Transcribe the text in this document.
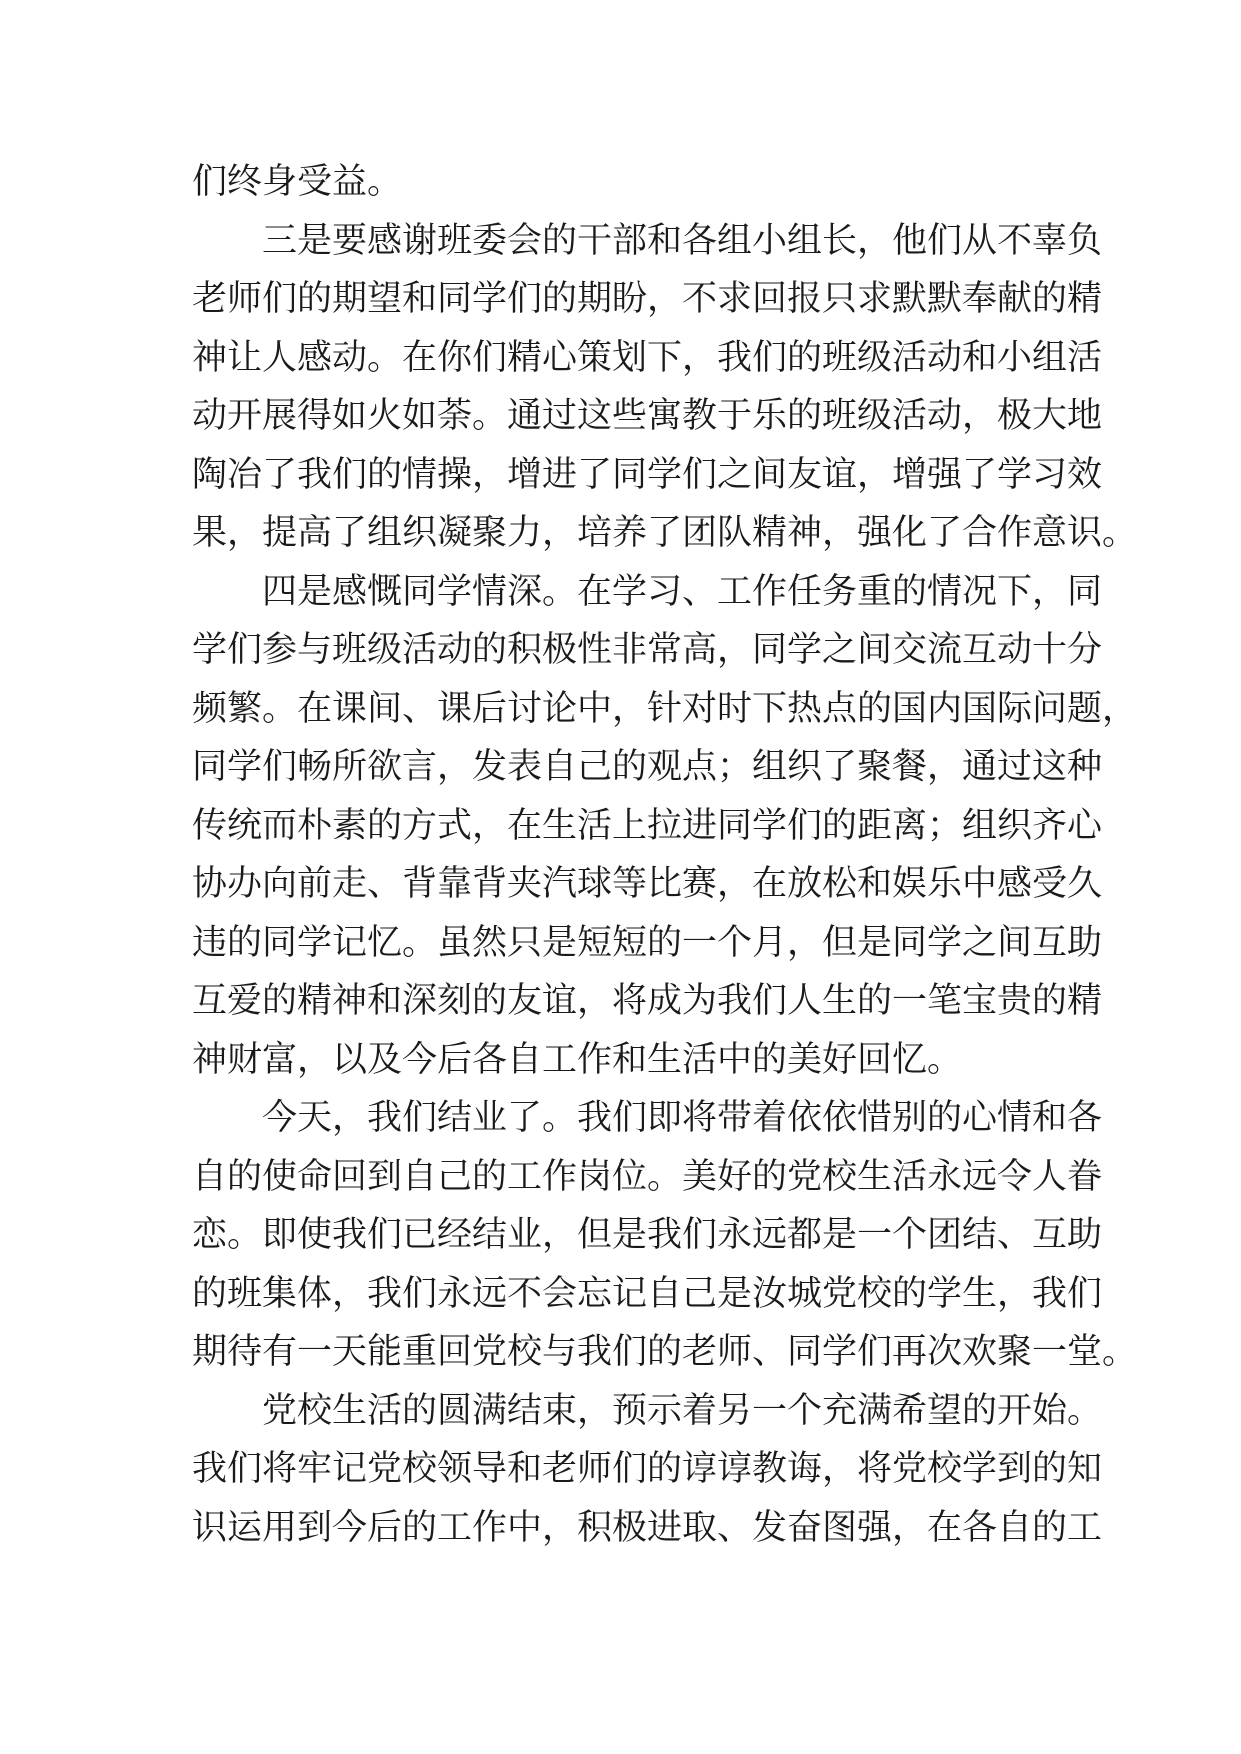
们终身受益。
三是要感谢班委会的干部和各组小组长，他们从不辜负
老师们的期望和同学们的期盼，不求回报只求默默奉献的精
神让人感动。在你们精心策划下，我们的班级活动和小组活
动开展得如火如荼。通过这些寓教于乐的班级活动，极大地
陶冶了我们的情操，增进了同学们之间友谊，增强了学习效
果，提高了组织凝聚力，培养了团队精神，强化了合作意识。
四是感慨同学情深。在学习、工作任务重的情况下，同
学们参与班级活动的积极性非常高，同学之间交流互动十分
频繁。在课间、课后讨论中，针对时下热点的国内国际问题，
同学们畅所欲言，发表自己的观点；组织了聚餐，通过这种
传统而朴素的方式，在生活上拉进同学们的距离；组织齐心
协办向前走、背靠背夹汽球等比赛，在放松和娱乐中感受久
违的同学记忆。虽然只是短短的一个月，但是同学之间互助
互爱的精神和深刻的友谊，将成为我们人生的一笔宝贵的精
神财富，以及今后各自工作和生活中的美好回忆。
今天，我们结业了。我们即将带着依依惜别的心情和各
自的使命回到自己的工作岗位。美好的党校生活永远令人眷
恋。即使我们已经结业，但是我们永远都是一个团结、互助
的班集体，我们永远不会忘记自己是汝城党校的学生，我们
期待有一天能重回党校与我们的老师、同学们再次欢聚一堂。
党校生活的圆满结束，预示着另一个充满希望的开始。
我们将牢记党校领导和老师们的谆谆教诲，将党校学到的知
识运用到今后的工作中，积极进取、发奋图强，在各自的工
